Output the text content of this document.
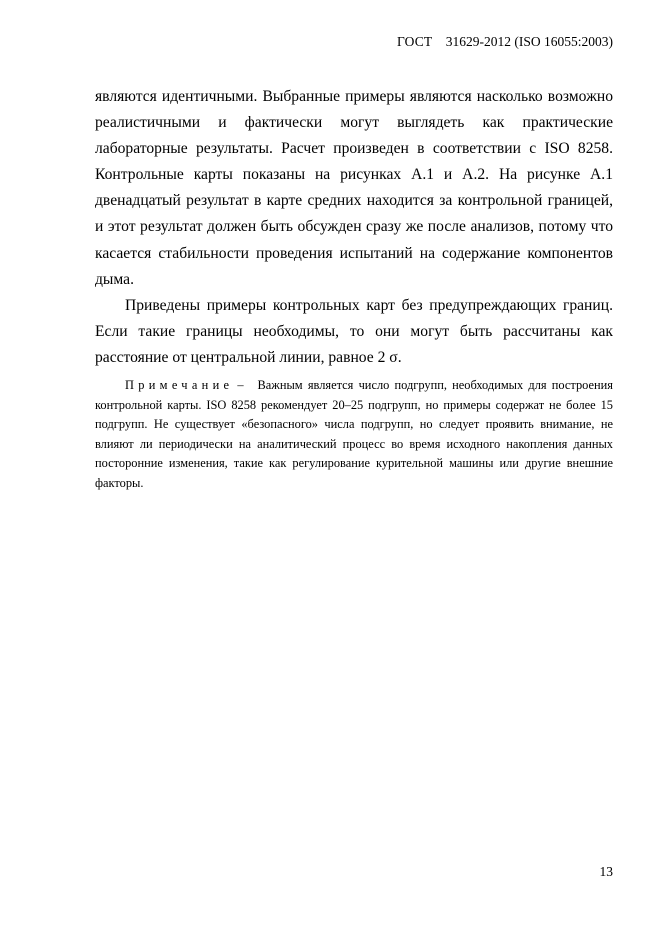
ГОСТ 31629-2012 (ISO 16055:2003)

являются идентичными. Выбранные примеры являются насколько возможно реалистичными и фактически могут выглядеть как практические лабораторные результаты. Расчет произведен в соответствии с ISO 8258. Контрольные карты показаны на рисунках А.1 и А.2. На рисунке А.1 двенадцатый результат в карте средних находится за контрольной границей, и этот результат должен быть обсужден сразу же после анализов, потому что касается стабильности проведения испытаний на содержание компонентов дыма.

Приведены примеры контрольных карт без предупреждающих границ. Если такие границы необходимы, то они могут быть рассчитаны как расстояние от центральной линии, равное 2 σ.

Примечание – Важным является число подгрупп, необходимых для построения контрольной карты. ISO 8258 рекомендует 20–25 подгрупп, но примеры содержат не более 15 подгрупп. Не существует «безопасного» числа подгрупп, но следует проявить внимание, не влияют ли периодически на аналитический процесс во время исходного накопления данных посторонние изменения, такие как регулирование курительной машины или другие внешние факторы.
13
